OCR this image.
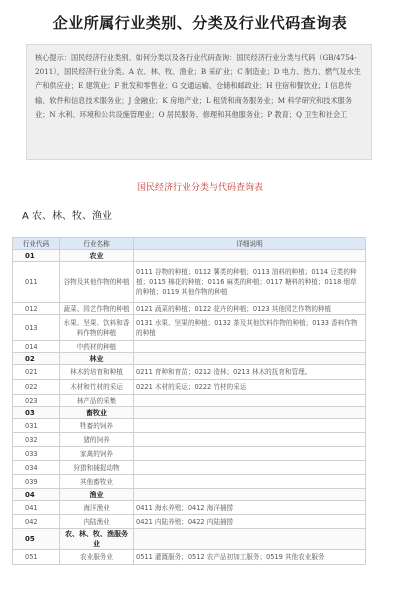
企业所属行业类别、分类及行业代码查询表
核心提示：国民经济行业类别、如何分类以及各行业代码查询：国民经济行业分类与代码（GB/4754-2011），国民经济行业分类。A 农、林、牧、渔业；B 采矿业；C 制造业；D 电力、热力、燃气及水生产和供应业；E 建筑业；F 批发和零售业；G 交通运输、仓储和邮政业；H 住宿和餐饮业；I 信息传输、软件和信息技术服务业；J 金融业；K 房地产业；L 租赁和商务服务业；M 科学研究和技术服务业；N 水利、环境和公共设施管理业；O 居民服务、修理和其他服务业；P 教育；Q 卫生和社会工
国民经济行业分类与代码查询表
A 农、林、牧、渔业
行业代码	行业名称	详细说明
01	农业	
011	谷物及其他作物的种植	0111 谷物的种植；0112 薯类的种植；0113 油料的种植；0114 豆类的种植；0115 棉花的种植；0116 麻类的种植；0117 糖料的种植；0118 烟草的种植；0119 其他作物的种植
012	蔬菜、园艺作物的种植	0121 蔬菜的种植；0122 花卉的种植；0123 其他园艺作物的种植
013	水果、坚果、饮料和香料作物的种植	0131 水果、坚果的种植；0132 茶及其他饮料作物的种植；0133 香料作物的种植
014	中药材的种植	
02	林业	
021	林木的培育和种植	0211 育种和育苗；0212 造林；0213 林木的抚育和管理。
022	木材和竹材的采运	0221 木材的采运；0222 竹材的采运
023	林产品的采集	
03	畜牧业	
031	牲畜的饲养	
032	猪的饲养	
033	家禽的饲养	
034	狩猎和捕捉动物	
039	其他畜牧业	
04	渔业	
041	海洋渔业	0411 海水养殖；0412 海洋捕捞
042	内陆渔业	0421 内陆养殖；0422 内陆捕捞
05	农、林、牧、渔服务业	
051	农业服务业	0511 灌溉服务；0512 农产品初加工服务；0519 其他农业服务
